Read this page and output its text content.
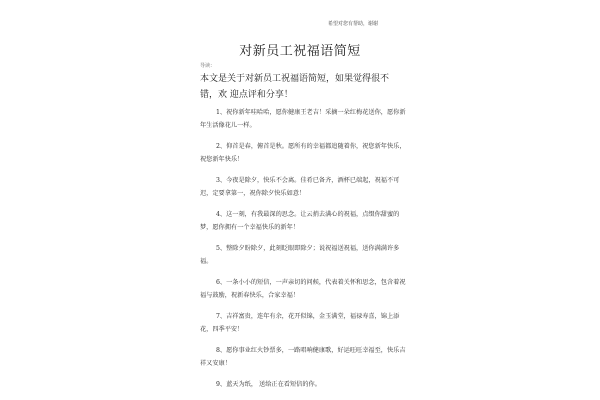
希望对您有帮助，谢谢
对新员工祝福语简短
导读：
本文是关于对新员工祝福语简短，如果觉得很不错，欢 迎点评和分享！

1、祝你新年哇哈哈，愿你健康王老吉！采摘一朵红梅花送你，愿你新年生活像花儿一样。

2、仰首是春，俯首是秋。愿所有的幸福都追随着你，祝您新年快乐，祝您新年快乐！

3、今夜是除夕，快乐不会离。佳肴已备齐，酒杯已端起，祝福不可迟，定要拿第一，祝你除夕快乐如意！

4、这一刻，有我最深的思念。让云捎去满心的祝福，点缀你甜蜜的梦，愿你拥有一个幸福快乐的新年！

5、整除夕盼除夕，此刻眨眼即除夕；说祝福送祝福，送你满满许多福。

6、一条小小的短信，一声亲切的问候，代表着关怀和思念，包含着祝福与鼓励，祝新春快乐，合家幸福！

7、吉祥富贵，连年有余，花开似锦，金玉满堂，福禄寿喜，锦上添花，四季平安！

8、愿你事业红火钞票多，一路唱响健康歌，好运旺旺幸福至，快乐吉祥又安康！

9、蓝天为纸， 送给正在看短信的你。
